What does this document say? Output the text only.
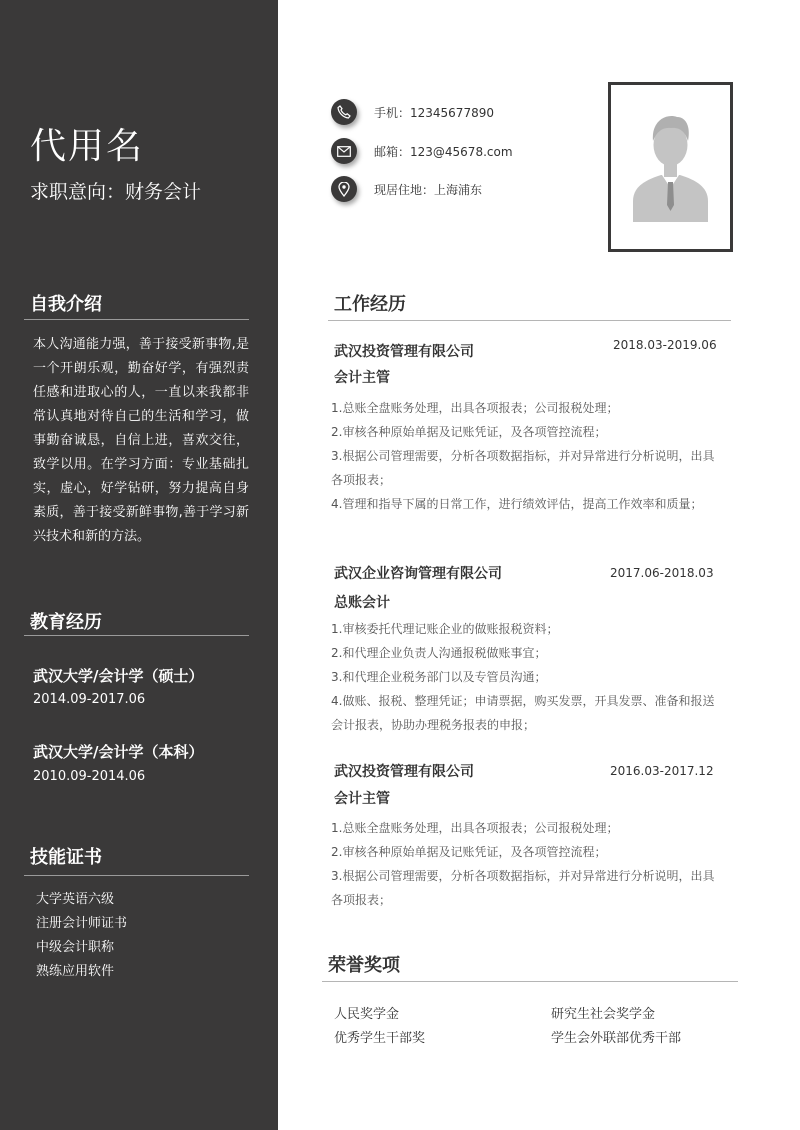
代用名
求职意向：财务会计
自我介绍
本人沟通能力强，善于接受新事物,是一个开朗乐观，勤奋好学，有强烈责任感和进取心的人，一直以来我都非常认真地对待自己的生活和学习，做事勤奋诚恳，自信上进，喜欢交往，致学以用。在学习方面：专业基础扎实，虚心，好学钻研，努力提高自身素质，善于接受新鲜事物,善于学习新兴技术和新的方法。
教育经历
武汉大学/会计学（硕士）
2014.09-2017.06
武汉大学/会计学（本科）
2010.09-2014.06
技能证书
大学英语六级
注册会计师证书
中级会计职称
熟练应用软件
手机：12345677890
邮箱：123@45678.com
现居住地：上海浦东
工作经历
武汉投资管理有限公司	2018.03-2019.06
会计主管
1.总账全盘账务处理，出具各项报表；公司报税处理；
2.审核各种原始单据及记账凭证，及各项管控流程；
3.根据公司管理需要，分析各项数据指标，并对异常进行分析说明，出具各项报表；
4.管理和指导下属的日常工作，进行绩效评估，提高工作效率和质量；
武汉企业咨询管理有限公司	2017.06-2018.03
总账会计
1.审核委托代理记账企业的做账报税资料；
2.和代理企业负责人沟通报税做账事宜；
3.和代理企业税务部门以及专管员沟通；
4.做账、报税、整理凭证；申请票据，购买发票，开具发票、准备和报送会计报表，协助办理税务报表的申报；
武汉投资管理有限公司	2016.03-2017.12
会计主管
1.总账全盘账务处理，出具各项报表；公司报税处理；
2.审核各种原始单据及记账凭证，及各项管控流程；
3.根据公司管理需要，分析各项数据指标，并对异常进行分析说明，出具各项报表；
荣誉奖项
人民奖学金	研究生社会奖学金
优秀学生干部奖	学生会外联部优秀干部
